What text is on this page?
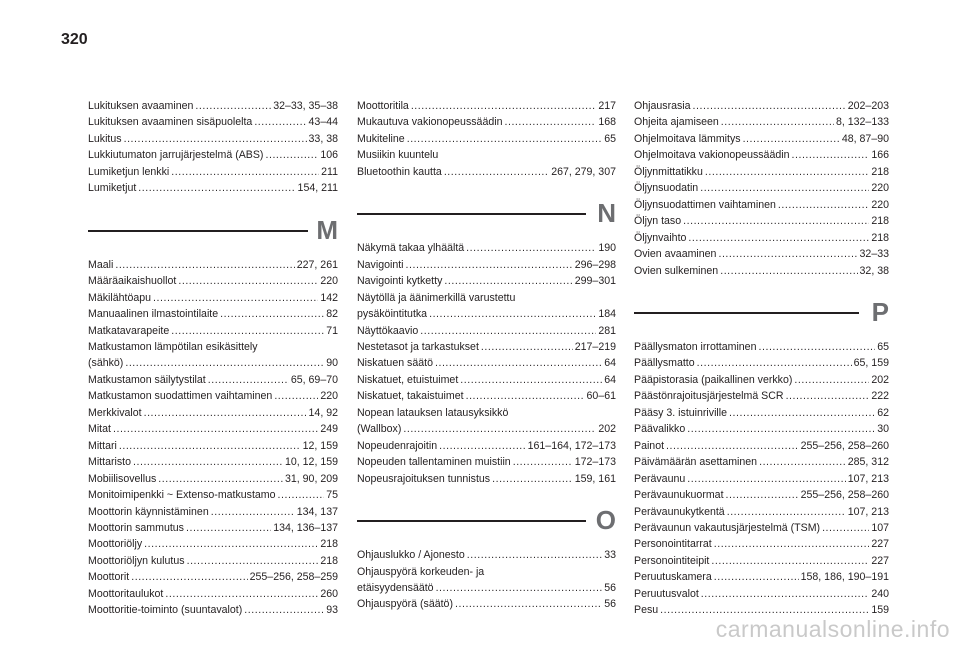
320
Lukituksen avaaminen . . .	32–33, 35–38
Lukituksen avaaminen sisäpuolelta . . .	43–44
Lukitus . . .	33, 38
Lukkiutumaton jarrujärjestelmä (ABS) . . .	106
Lumiketjun lenkki . . .	211
Lumiketjut . . .	154, 211
M
Maali . . .	227, 261
Määräaikaishuollot . . .	220
Mäkilähtöapu . . .	142
Manuaalinen ilmastointilaite . . .	82
Matkatavarapeite . . .	71
Matkustamon lämpötilan esikäsittely
(sähkö) . . .	90
Matkustamon säilytystilat . . .	65, 69–70
Matkustamon suodattimen vaihtaminen . . .	220
Merkkivalot . . .	14, 92
Mitat . . .	249
Mittari . . .	12, 159
Mittaristo . . .	10, 12, 159
Mobiilisovellus . . .	31, 90, 209
Monitoimipenkki ~ Extenso-matkustamo . . .	75
Moottorin käynnistäminen . . .	134, 137
Moottorin sammutus . . .	134, 136–137
Moottoriöljy . . .	218
Moottoriöljyn kulutus . . .	218
Moottorit . . .	255–256, 258–259
Moottoritaulukot . . .	260
Moottoritie-toiminto (suuntavalot) . . .	93
Moottoritila . . .	217
Mukautuva vakionopeussäädin . . .	168
Mukiteline . . .	65
Musiikin kuuntelu
Bluetoothin kautta . . .	267, 279, 307
N
Näkymä takaa ylhäältä . . .	190
Navigointi . . .	296–298
Navigointi kytketty . . .	299–301
Näytöllä ja äänimerkillä varustettu
pysäköintitutka . . .	184
Näyttökaavio . . .	281
Nestetasot ja tarkastukset . . .	217–219
Niskatuen säätö . . .	64
Niskatuet, etuistuimet . . .	64
Niskatuet, takaistuimet . . .	60–61
Nopean latauksen latausyksikkö
(Wallbox) . . .	202
Nopeudenrajoitin . . .	161–164, 172–173
Nopeuden tallentaminen muistiin . . .	172–173
Nopeusrajoituksen tunnistus . . .	159, 161
O
Ohjauslukko / Ajonesto . . .	33
Ohjauspyörä korkeuden- ja
etäisyydensäätö . . .	56
Ohjauspyörä (säätö) . . .	56
Ohjausrasia . . .	202–203
Ohjeita ajamiseen . . .	8, 132–133
Ohjelmoitava lämmitys . . .	48, 87–90
Ohjelmoitava vakionopeussäädin . . .	166
Öljynmittatikku . . .	218
Öljynsuodatin . . .	220
Öljynsuodattimen vaihtaminen . . .	220
Öljyn taso . . .	218
Öljynvaihto . . .	218
Ovien avaaminen . . .	32–33
Ovien sulkeminen . . .	32, 38
P
Päällysmaton irrottaminen . . .	65
Päällysmatto . . .	65, 159
Pääpistorasia (paikallinen verkko) . . .	202
Päästönrajoitusjärjestelmä SCR . . .	222
Pääsy 3. istuinriville . . .	62
Päävalikko . . .	30
Painot . . .	255–256, 258–260
Päivämäärän asettaminen . . .	285, 312
Perävaunu . . .	107, 213
Perävaunukuormat . . .	255–256, 258–260
Perävaunukytkentä . . .	107, 213
Perävaunun vakautusjärjestelmä (TSM) . . .	107
Personointitarrat . . .	227
Personointiteipit . . .	227
Peruutuskamera . . .	158, 186, 190–191
Peruutusvalot . . .	240
Pesu . . .	159
carmanualsonline.info
